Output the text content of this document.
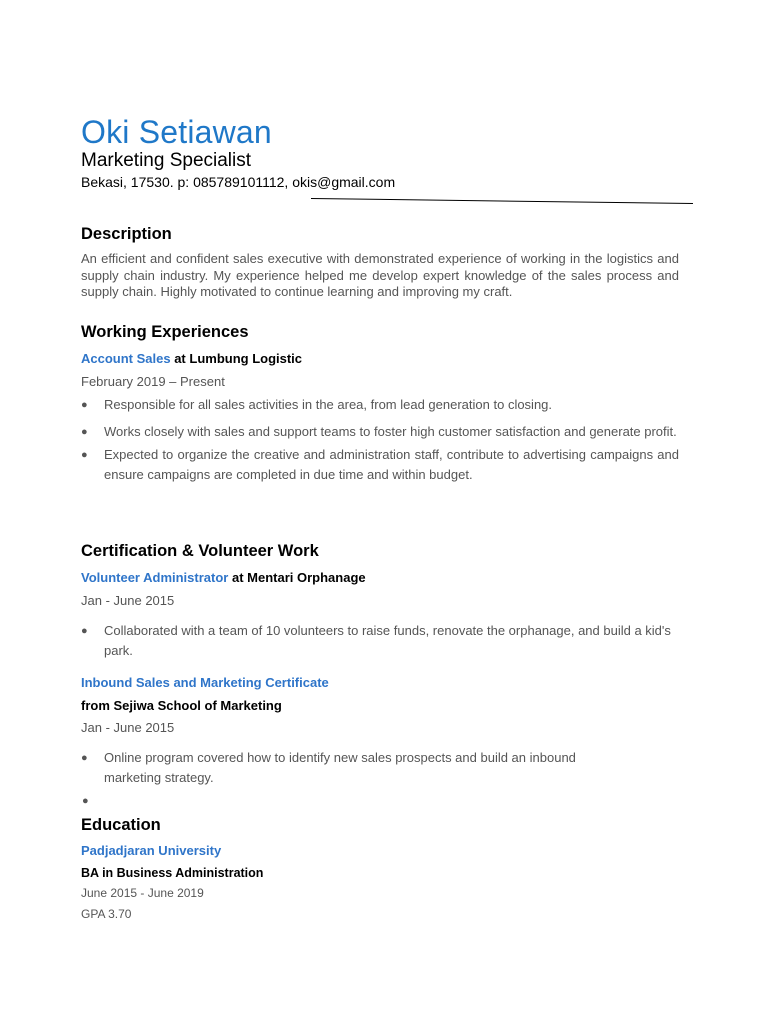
Oki Setiawan
Marketing Specialist
Bekasi, 17530. p: 085789101112, okis@gmail.com
Description

An efficient and confident sales executive with demonstrated experience of working in the logistics and supply chain industry. My experience helped me develop expert knowledge of the sales process and supply chain. Highly motivated to continue learning and improving my craft.

Working Experiences
Account Sales at Lumbung Logistic
February 2019 – Present
● Responsible for all sales activities in the area, from lead generation to closing.
● Works closely with sales and support teams to foster high customer satisfaction and generate profit.
● Expected to organize the creative and administration staff, contribute to advertising campaigns and ensure campaigns are completed in due time and within budget.
Certification & Volunteer Work
Volunteer Administrator at Mentari Orphanage
Jan - June 2015
● Collaborated with a team of 10 volunteers to raise funds, renovate the orphanage, and build a kid's park.
Inbound Sales and Marketing Certificate
from Sejiwa School of Marketing
Jan - June 2015
● Online program covered how to identify new sales prospects and build an inbound marketing strategy.
●
Education
Padjadjaran University
BA in Business Administration
June 2015 - June 2019
GPA 3.70
